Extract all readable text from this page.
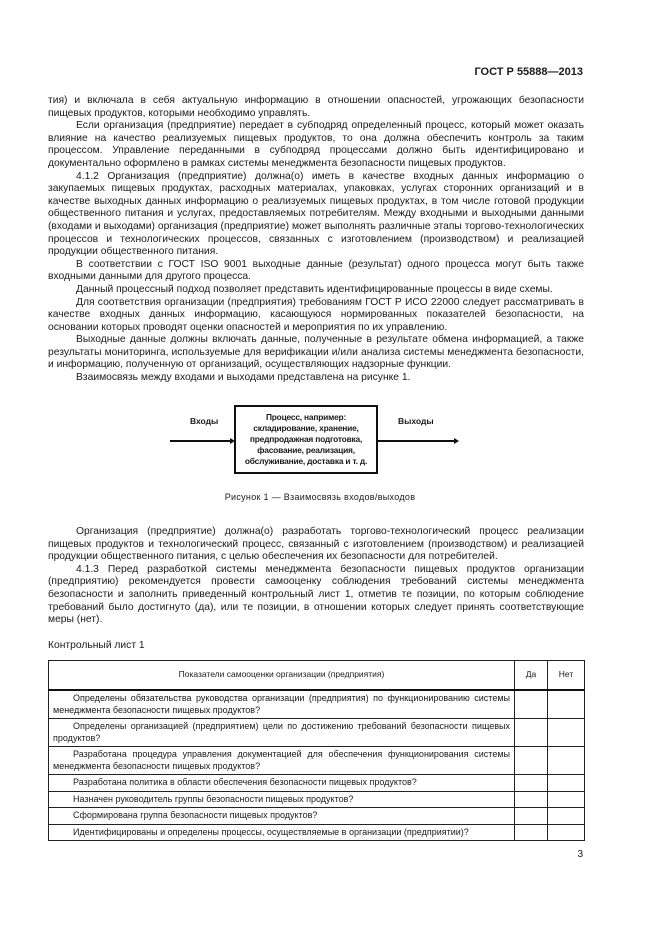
ГОСТ Р 55888—2013

тия) и включала в себя актуальную информацию в отношении опасностей, угрожающих безопасности пищевых продуктов, которыми необходимо управлять.

Если организация (предприятие) передает в субподряд определенный процесс, который может оказать влияние на качество реализуемых пищевых продуктов, то она должна обеспечить контроль за таким процессом. Управление переданными в субподряд процессами должно быть идентифицировано и документально оформлено в рамках системы менеджмента безопасности пищевых продуктов.

4.1.2 Организация (предприятие) должна(о) иметь в качестве входных данных информацию о закупаемых пищевых продуктах, расходных материалах, упаковках, услугах сторонних организаций и в качестве выходных данных информацию о реализуемых пищевых продуктах, в том числе готовой продукции общественного питания и услугах, предоставляемых потребителям. Между входными и выходными данными (входами и выходами) организация (предприятие) может выполнять различные этапы торгово-технологических процессов и технологических процессов, связанных с изготовлением (производством) и реализацией продукции общественного питания.

В соответствии с ГОСТ ISO 9001 выходные данные (результат) одного процесса могут быть также входными данными для другого процесса.

Данный процессный подход позволяет представить идентифицированные процессы в виде схемы.

Для соответствия организации (предприятия) требованиям ГОСТ Р ИСО 22000 следует рассматривать в качестве входных данных информацию, касающуюся нормированных показателей безопасности, на основании которых проводят оценки опасностей и мероприятия по их управлению.

Выходные данные должны включать данные, полученные в результате обмена информацией, а также результаты мониторинга, используемые для верификации и/или анализа системы менеджмента безопасности, и информацию, полученную от организаций, осуществляющих надзорные функции.

Взаимосвязь между входами и выходами представлена на рисунке 1.

Входы	Процесс, например: складирование, хранение, предпродажная подготовка, фасование, реализация, обслуживание, доставка и т. д.
Выходы
Рисунок 1 — Взаимосвязь входов/выходов

Организация (предприятие) должна(о) разработать торгово-технологический процесс реализации пищевых продуктов и технологический процесс, связанный с изготовлением (производством) и реализацией продукции общественного питания, с целью обеспечения их безопасности для потребителей.

4.1.3 Перед разработкой системы менеджмента безопасности пищевых продуктов организации (предприятию) рекомендуется провести самооценку соблюдения требований системы менеджмента безопасности и заполнить приведенный контрольный лист 1, отметив те позиции, по которым соблюдение требований было достигнуто (да), или те позиции, в отношении которых следует принять соответствующие меры (нет).

Контрольный лист 1
Показатели самооценки организации (предприятия)	Да	Нет
Определены обязательства руководства организации (предприятия) по функционированию системы менеджмента безопасности пищевых продуктов?		
Определены организацией (предприятием) цели по достижению требований безопасности пищевых продуктов?		
Разработана процедура управления документацией для обеспечения функционирования системы менеджмента безопасности пищевых продуктов?		
Разработана политика в области обеспечения безопасности пищевых продуктов?		
Назначен руководитель группы безопасности пищевых продуктов?		
Сформирована группа безопасности пищевых продуктов?		
Идентифицированы и определены процессы, осуществляемые в организации (предприятии)?		
3
